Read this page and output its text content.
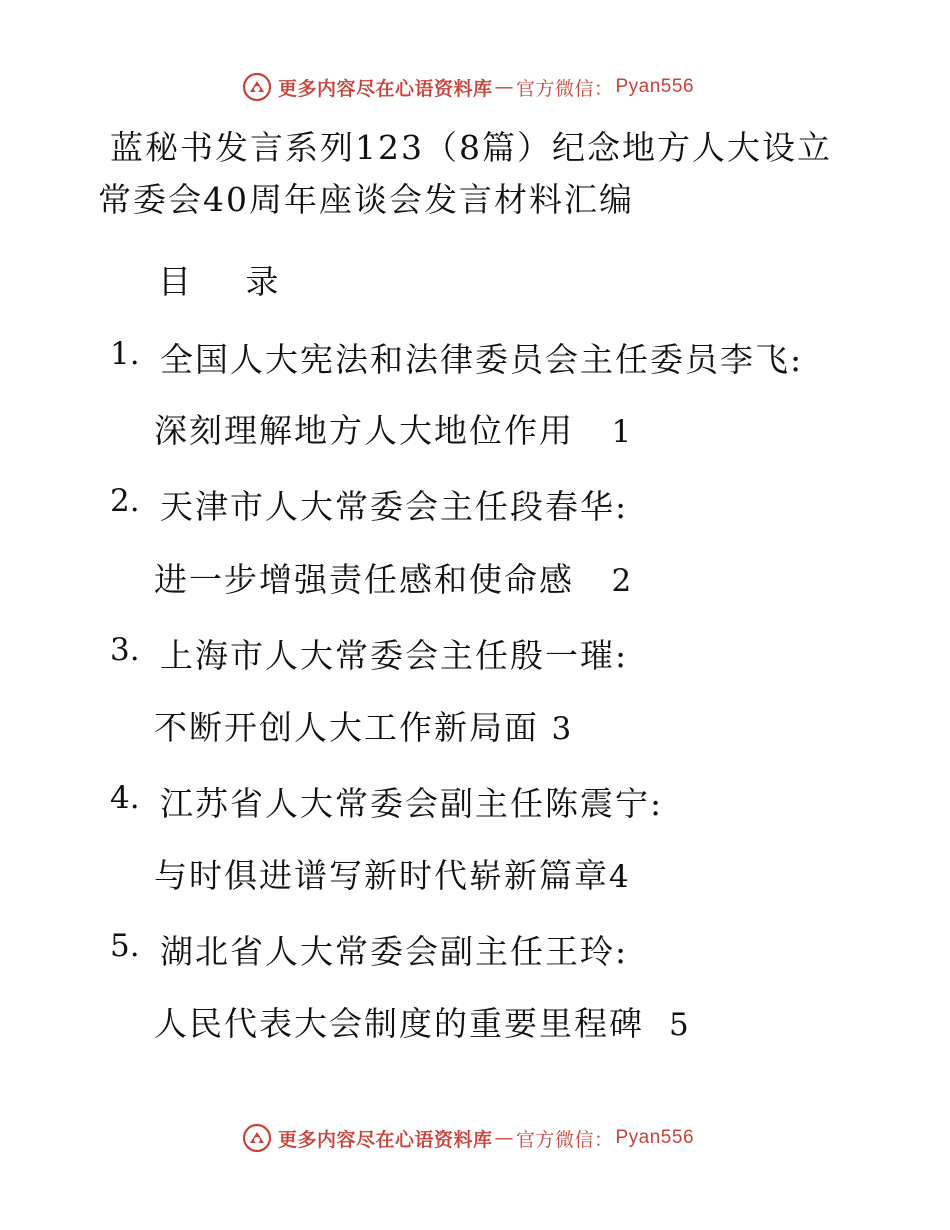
更多内容尽在心语资料库 — 官方微信： Pyan556
蓝秘书发言系列123（8篇）纪念地方人大设立常委会40周年座谈会发言材料汇编
目 录
1. 全国人大宪法和法律委员会主任委员李飞:
深刻理解地方人大地位作用 1
2. 天津市人大常委会主任段春华:
进一步增强责任感和使命感 2
3. 上海市人大常委会主任殷一璀:
不断开创人大工作新局面 3
4. 江苏省人大常委会副主任陈震宁:
与时俱进谱写新时代崭新篇章4
5. 湖北省人大常委会副主任王玲:
人民代表大会制度的重要里程碑 5
更多内容尽在心语资料库 — 官方微信： Pyan556
